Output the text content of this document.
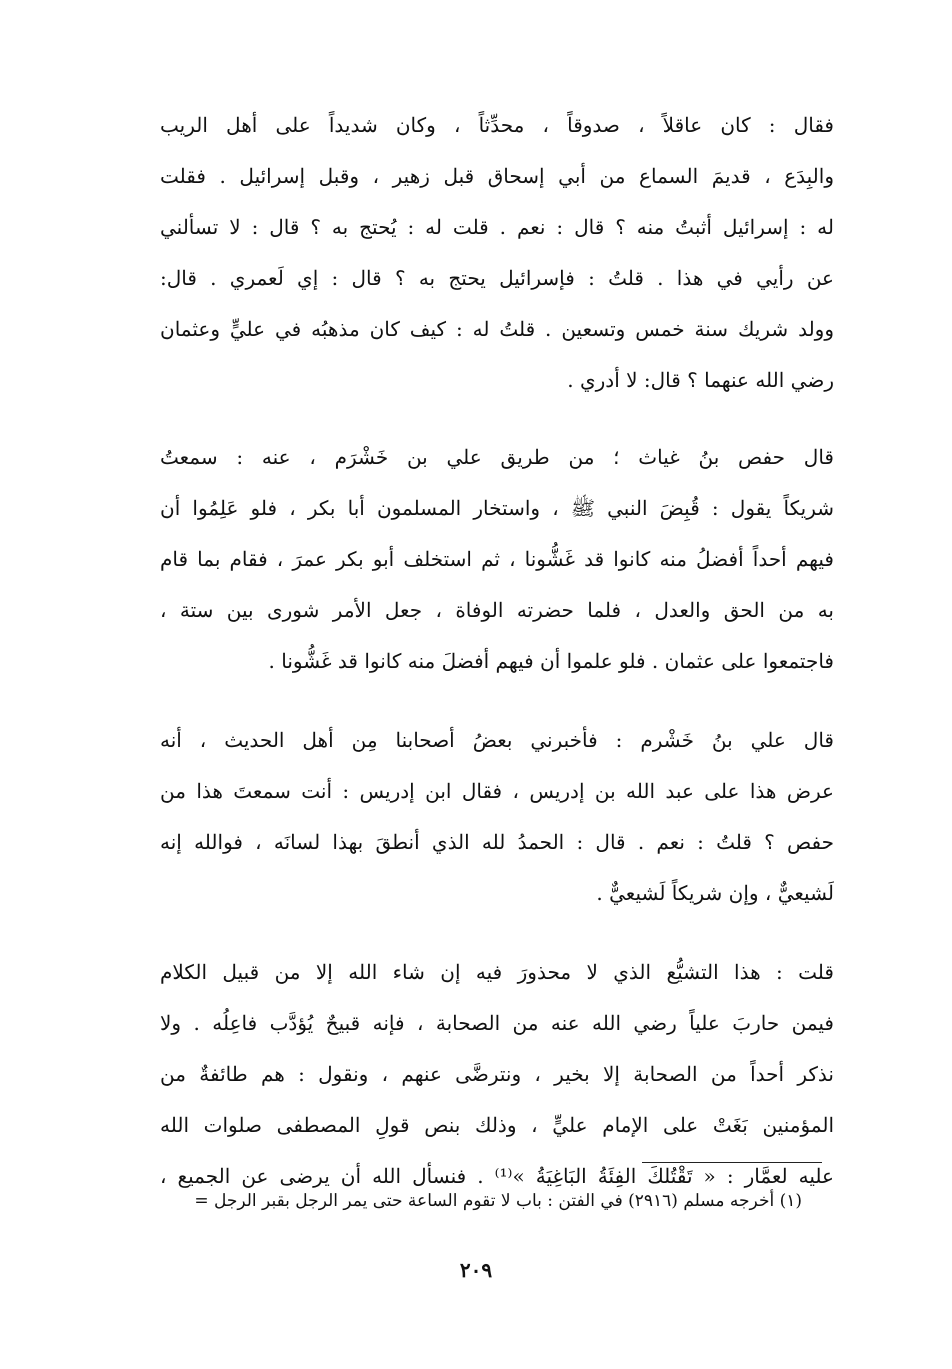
فقال : كان عاقلاً ، صدوقاً ، محدِّثاً ، وكان شديداً على أهل الريب
والبِدَع ، قديمَ السماع من أبي إسحاق قبل زهير ، وقبل إسرائيل . فقلت
له : إسرائيل أثبتُ منه ؟ قال : نعم . قلت له : يُحتج به ؟ قال : لا تسألني
عن رأيي في هذا . قلتُ : فإسرائيل يحتج به ؟ قال : إي لَعمري . قال:
وولد شريك سنة خمس وتسعين . قلتُ له : كيف كان مذهبُه في عليٍّ وعثمان
رضي الله عنهما ؟ قال: لا أدري .
قال حفص بنُ غياث ؛ من طريق علي بن خَشْرَم ، عنه : سمعتُ
شريكاً يقول : قُبِضَ النبي ﷺ ، واستخار المسلمون أبا بكر ، فلو عَلِمُوا أن
فيهم أحداً أفضلُ منه كانوا قد غَشُّونا ، ثم استخلف أبو بكر عمرَ ، فقام بما قام
به من الحق والعدل ، فلما حضرته الوفاة ، جعل الأمر شورى بين ستة ،
فاجتمعوا على عثمان . فلو علموا أن فيهم أفضلَ منه كانوا قد غَشُّونا .
قال علي بنُ خَشْرم : فأخبرني بعضُ أصحابنا مِن أهل الحديث ، أنه
عرض هذا على عبد الله بن إدريس ، فقال ابن إدريس : أنت سمعتَ هذا من
حفص ؟ قلتُ : نعم . قال : الحمدُ لله الذي أنطقَ بهذا لسانَه ، فوالله إنه
لَشيعيٌّ ، وإن شريكاً لَشيعيٌّ .
قلت : هذا التشيُّع الذي لا محذورَ فيه إن شاء الله إلا من قبيل الكلام
فيمن حاربَ علياً رضي الله عنه من الصحابة ، فإنه قبيحٌ يُؤدَّب فاعِلُه . ولا
نذكر أحداً من الصحابة إلا بخير ، ونترضَّى عنهم ، ونقول : هم طائفةٌ من
المؤمنين بَغَتْ على الإمام عليٍّ ، وذلك بنص قولِ المصطفى صلوات الله
عليه لعمَّار : « تَقْتُلكَ الفِئَةُ البَاغِيَةُ »⁽¹⁾ . فنسأل الله أن يرضى عن الجميع ،
(١) أخرجه مسلم (٢٩١٦) في الفتن : باب لا تقوم الساعة حتى يمر الرجل بقبر الرجل =
٢٠٩
